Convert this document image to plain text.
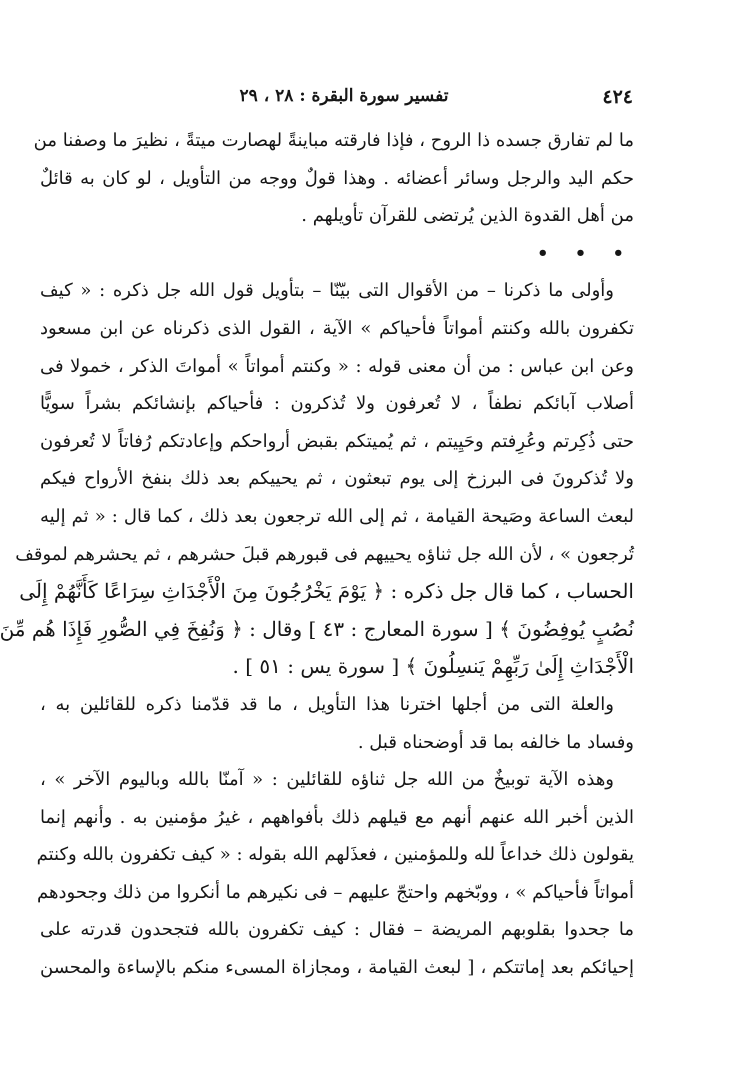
٤٢٤
تفسير سورة البقرة : ٢٨ ، ٢٩
ما لم تفارق جسده ذا الروح ، فإذا فارقته مباينةً لهصارت ميتةً ، نظيرَ ما وصفنا من
حكم اليد والرجل وسائر أعضائه . وهذا قولٌ ووجه من التأويل ، لو كان به قائلٌ
من أهل القدوة الذين يُرتضى للقرآن تأويلهم .
• • •
وأولى ما ذكرنا – من الأقوال التى بيّنّا – بتأويل قول الله جل ذكره : « كيف
تكفرون بالله وكنتم أمواتاً فأحياكم » الآية ، القول الذى ذكرناه عن ابن مسعود
وعن ابن عباس : من أن معنى قوله : « وكنتم أمواتاً » أمواتَ الذكر ، خمولا فى
أصلاب آبائكم نطفاً ، لا تُعرفون ولا تُذكرون : فأحياكم بإنشائكم بشراً سويًّا
حتى ذُكِرتم وعُرِفتم وحَيِيتم ، ثم يُميتكم بقبض أرواحكم وإعادتكم رُفاتاً لا تُعرفون
ولا تُذكرونَ فى البرزخ إلى يوم تبعثون ، ثم يحييكم بعد ذلك بنفخ الأرواح فيكم
لبعث الساعة وصَيحة القيامة ، ثم إلى الله ترجعون بعد ذلك ، كما قال : « ثم إليه
تُرجعون » ، لأن الله جل ثناؤه يحييهم فى قبورهم قبلَ حشرهم ، ثم يحشرهم لموقف
الحساب ، كما قال جل ذكره : ﴿ يَوْمَ يَخْرُجُونَ مِنَ الْأَجْدَاثِ سِرَاعًا كَأَنَّهُمْ إِلَى
نُصُبٍ يُوفِضُونَ ﴾ [ سورة المعارج : ٤٣ ] وقال : ﴿ وَنُفِخَ فِي الصُّورِ فَإِذَا هُم مِّنَ
الْأَجْدَاثِ إِلَىٰ رَبِّهِمْ يَنسِلُونَ ﴾ [ سورة يس : ٥١ ] .
والعلة التى من أجلها اخترنا هذا التأويل ، ما قد قدّمنا ذكره للقائلين به ،
وفساد ما خالفه بما قد أوضحناه قبل .
وهذه الآية توبيخٌ من الله جل ثناؤه للقائلين : « آمنّا بالله وباليوم الآخر » ،
الذين أخبر الله عنهم أنهم مع قيلهم ذلك بأفواههم ، غيرُ مؤمنين به . وأنهم إنما
يقولون ذلك خداعاً لله وللمؤمنين ، فعذَلهم الله بقوله : « كيف تكفرون بالله وكنتم
أمواتاً فأحياكم » ، ووبّخهم واحتجّ عليهم – فى نكيرهم ما أنكروا من ذلك وجحودهم
ما جحدوا بقلوبهم المريضة – فقال : كيف تكفرون بالله فتجحدون قدرته على
إحيائكم بعد إماتتكم ، [ لبعث القيامة ، ومجازاة المسىء منكم بالإساءة والمحسن
